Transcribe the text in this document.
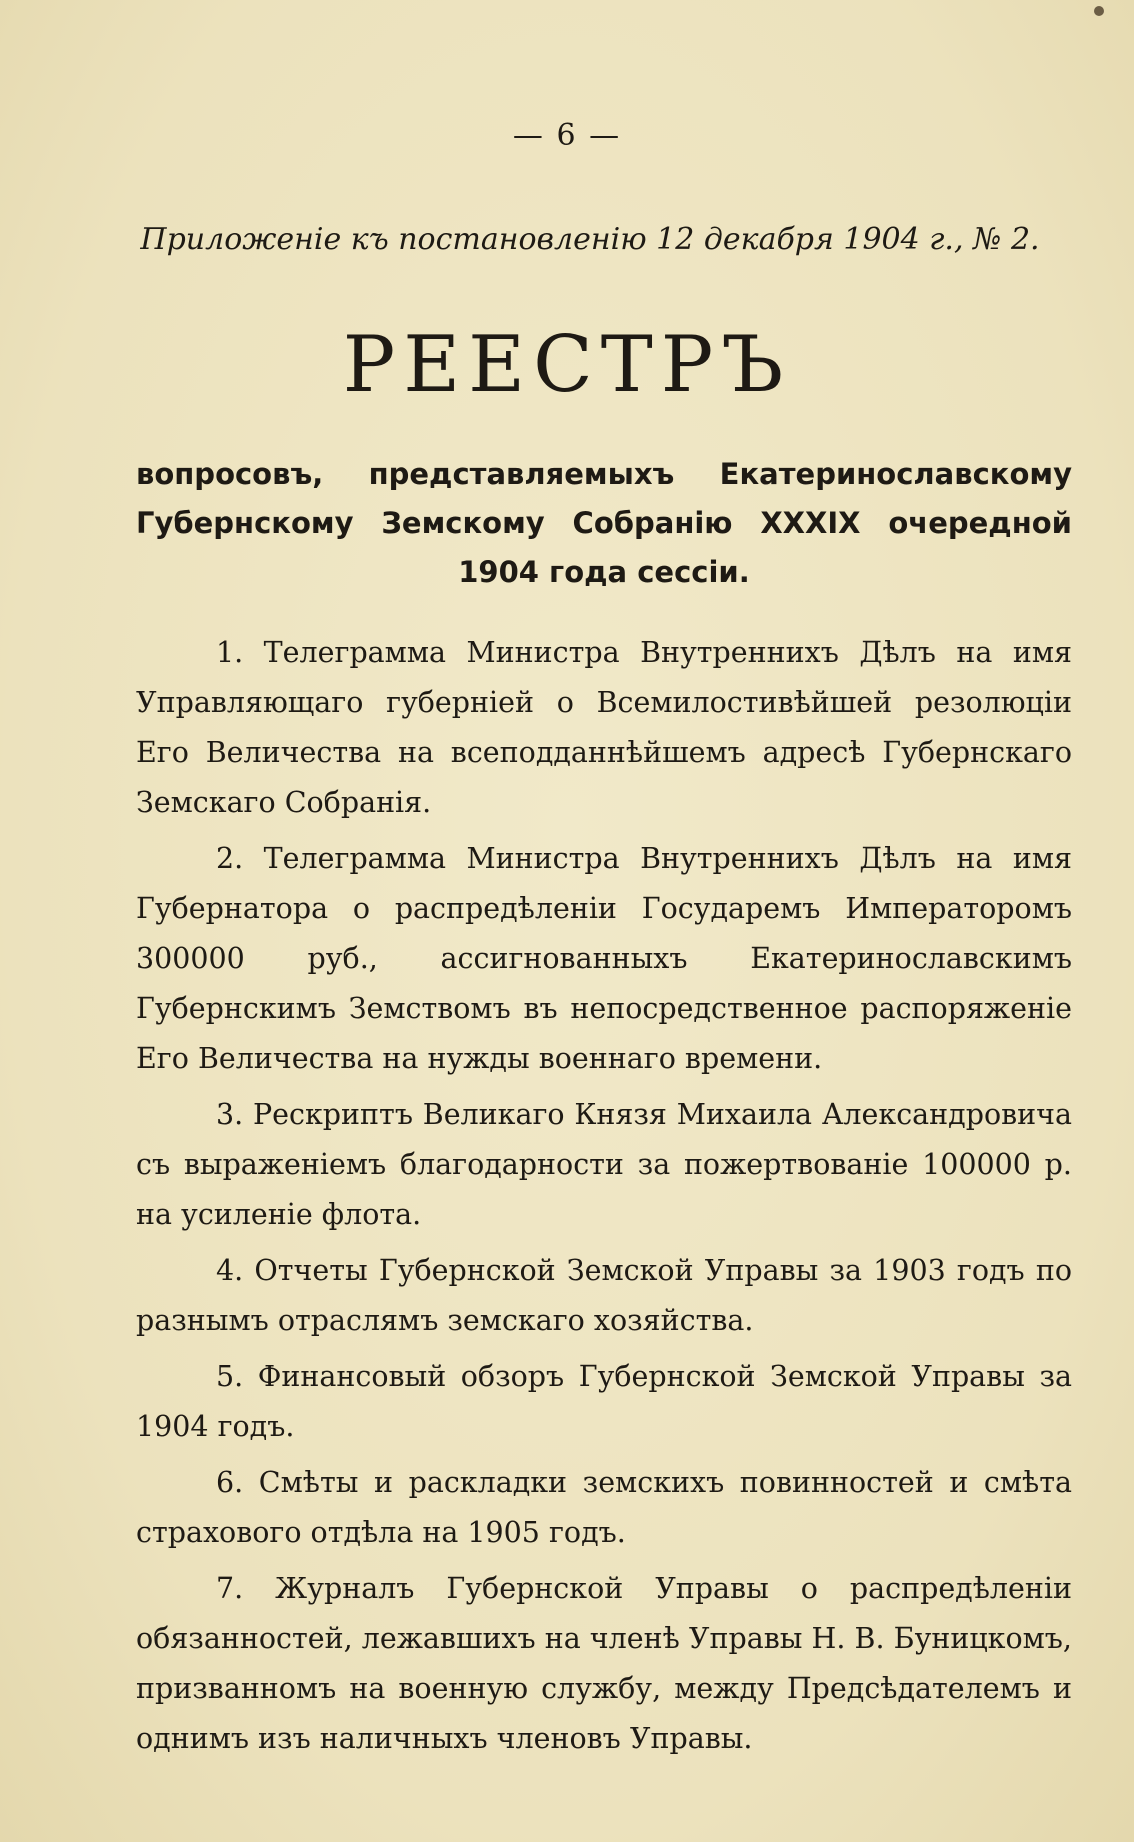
— 6 —
Приложеніе къ постановленію 12 декабря 1904 г., № 2.
РЕЕСТРЪ
вопросовъ, представляемыхъ Екатеринославскому Губернскому Земскому Собранію XXXIX очередной 1904 года сессіи.

1. Телеграмма Министра Внутреннихъ Дѣлъ на имя Управляющаго губерніей о Всемилостивѣйшей резолюціи Его Величества на всеподданнѣйшемъ адресѣ Губернскаго Земскаго Собранія.

2. Телеграмма Министра Внутреннихъ Дѣлъ на имя Губернатора о распредѣленіи Государемъ Императоромъ 300000 руб., ассигнованныхъ Екатеринославскимъ Губернскимъ Земствомъ въ непосредственное распоряженіе Его Величества на нужды военнаго времени.

3. Рескриптъ Великаго Князя Михаила Александровича съ выраженіемъ благодарности за пожертвованіе 100000 р. на усиленіе флота.

4. Отчеты Губернской Земской Управы за 1903 годъ по разнымъ отраслямъ земскаго хозяйства.

5. Финансовый обзоръ Губернской Земской Управы за 1904 годъ.

6. Смѣты и раскладки земскихъ повинностей и смѣта страхового отдѣла на 1905 годъ.

7. Журналъ Губернской Управы о распредѣленіи обязанностей, лежавшихъ на членѣ Управы Н. В. Буницкомъ, призванномъ на военную службу, между Предсѣдателемъ и однимъ изъ наличныхъ членовъ Управы.
